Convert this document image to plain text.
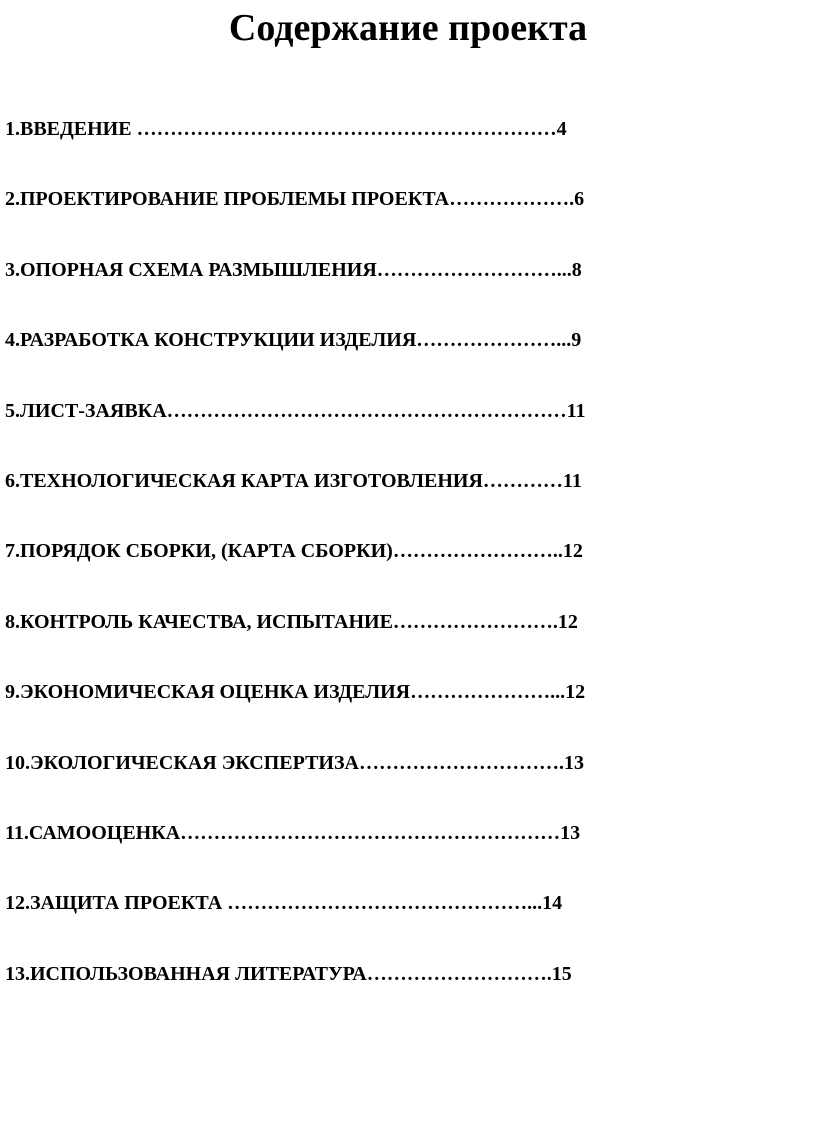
Содержание проекта
1.ВВЕДЕНИЕ ………………………………………………………4
2.ПРОЕКТИРОВАНИЕ ПРОБЛЕМЫ ПРОЕКТА……………….6
3.ОПОРНАЯ СХЕМА РАЗМЫШЛЕНИЯ………………………...8
4.РАЗРАБОТКА КОНСТРУКЦИИ ИЗДЕЛИЯ…………………...9
5.ЛИСТ-ЗАЯВКА……………………………………………………11
6.ТЕХНОЛОГИЧЕСКАЯ КАРТА ИЗГОТОВЛЕНИЯ…………11
7.ПОРЯДОК СБОРКИ, (КАРТА СБОРКИ)……………………..12
8.КОНТРОЛЬ КАЧЕСТВА, ИСПЫТАНИЕ…………………….12
9.ЭКОНОМИЧЕСКАЯ ОЦЕНКА ИЗДЕЛИЯ…………………...12
10.ЭКОЛОГИЧЕСКАЯ ЭКСПЕРТИЗА………………………….13
11.САМООЦЕНКА…………………………………………………13
12.ЗАЩИТА ПРОЕКТА ………………………………………...14
13.ИСПОЛЬЗОВАННАЯ ЛИТЕРАТУРА……………………….15
